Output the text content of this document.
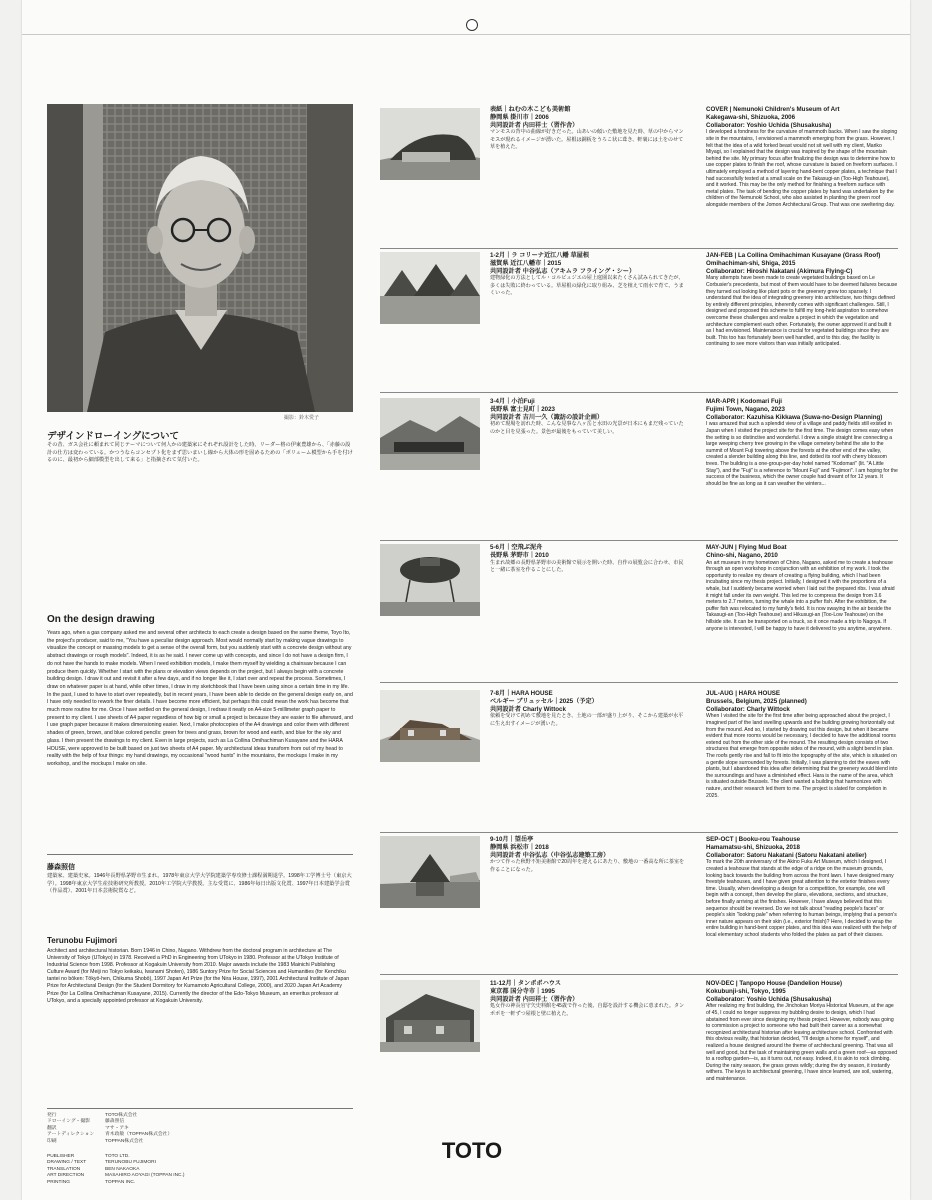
撮影：鈴木愛子
デザインドローイングについて

その昔、ガス会社に頼まれて同じテーマについて何人かの建築家にそれぞれ設計をした時、リーダー格の伊東豊雄から、「赤藤の設計の仕方は変わっている。かつうならコンセプト化をまず思いまいし線から大体の形を固めるための「ボリューム模型から手を付けるのに、最初から細部模型を出して来る」と指摘されて気付いた。

On the design drawing

Years ago, when a gas company asked me and several other architects to each create a design based on the same theme, Toyo Ito, the project's producer, said to me, "You have a peculiar design approach. Most would normally start by making vague drawings to visualize the concept or massing models to get a sense of the overall form, but you suddenly start with a concrete design without any abstract drawings or rough models". Indeed, it is as he said. I never come up with concepts, and since I do not have a design firm, I do not have the hands to make models. When I need exhibition models, I make them myself by wielding a chainsaw because I can produce them quickly. Whether I start with the plans or elevation views depends on the project, but I always begin with a concrete building design. I draw it out and revisit it after a few days, and if no longer like it, I start over and repeat the process. Sometimes, I draw on whatever paper is at hand, while other times, I draw in my sketchbook that I have been using since a certain time in my life. In the past, I used to have to start over repeatedly, but in recent years, I have been able to decide on the general design early on, and I have only needed to rework the finer details. I have become more efficient, but perhaps this could mean the work has become that much more routine for me. Once I have settled on the general design, I redraw it neatly on A4-size 5-millimeter graph paper to present to my client. I use sheets of A4 paper regardless of how big or small a project is because they are easier to file afterward, and I use graph paper because it makes dimensioning easier. Next, I make photocopies of the A4 drawings and color them with different shades of green, brown, and blue colored pencils: green for trees and grass, brown for wood and earth, and blue for the sky and glass. I then present the drawings to my client. Even in large projects, such as La Collina Omihachiman Kusayane and the HARA HOUSE, were approved to be built based on just two sheets of A4 paper. My architectural ideas transform from out of my head to reality with the help of four things: my hand drawings, my occasional "wood hunts" in the mountains, the mockups I make in my workshop, and the mockups I make on site.

藤森照信

建築家、建築史家。1946年長野県茅野市生まれ。1978年東京大学大学院建築学専攻修士課程満期退学。1998年工学博士号（東京大学）。1998年東京大学生産技術研究所教授。2010年工学院大学教授。主な受賞に、1986年毎日出版文化賞、1997年日本建築学会賞（作品賞）、2001年日本芸術院賞など。

Terunobu Fujimori

Architect and architectural historian. Born 1946 in Chino, Nagano. Withdrew from the doctoral program in architecture at The University of Tokyo (UTokyo) in 1978. Received a PhD in Engineering from UTokyo in 1980. Professor at the UTokyo Institute of Industrial Science from 1998. Professor at Kogakuin University from 2010. Major awards include the 1983 Mainichi Publishing Culture Award (for Meiji no Tokyo keikaku, Iwanami Shoten), 1986 Suntory Prize for Social Sciences and Humanities (for Kenchiku tantei no bōken: Tōkyō-hen, Chikuma Shobō), 1997 Japan Art Prize (for the Nira House, 1997), 2001 Architectural Institute of Japan Prize for Architectural Design (for the Student Dormitory for Kumamoto Agricultural College, 2000), and 2020 Japan Art Academy Prize (for La Collina Omihachiman Kusayane, 2015). Currently the director of the Edo-Tokyo Museum, an emeritus professor at UTokyo, and a specially appointed professor at Kogakuin University.

発行	TOTO株式会社
ドローイング・撮影	藤森照信
翻訳	マサ・アキ
アートディレクション 青木政敏（TOPPAN株式会社）
印刷	TOPPAN株式会社
PUBLISHER	TOTO LTD.
DRAWING / TEXT	TERUNOBU FUJIMORI
TRANSLATION	BEN NAKAOKA
ART DIRECTION	MASAHIRO AOYAGI (TOPPAN INC.)
PRINTING	TOPPAN INC.
表紙｜ねむの木こども美術館
静岡県 掛川市｜2006
共同設計者 内田祥士（習作舎）

マンモスの背中の曲線が好きだった。山あいの傾いた敷地を見た時、草の中からマンモスが現れるイメージが湧いた。屋根は銅板をうろこ状に葺き、軒裏には土をのせて草を植えた。

COVER | Nemunoki Children's Museum of Art
Kakegawa-shi, Shizuoka, 2006
Collaborator: Yoshio Uchida (Shusakusha)

I developed a fondness for the curvature of mammoth backs. When I saw the sloping site in the mountains, I envisioned a mammoth emerging from the grass. However, I felt that the idea of a wild forked beast would not sit well with my client, Mariko Miyagi, so I explained that the design was inspired by the shape of the mountain behind the site. My primary focus after finalizing the design was to determine how to use copper plates to finish the roof, whose curvature is based on freeform surfaces. I ultimately employed a method of layering hand-bent copper plates, a technique that I had successfully tested at a small scale on the Takasugi-an (Too-High Teahouse), and it worked. This may be the only method for finishing a freeform surface with metal plates. The task of bending the copper plates by hand was undertaken by the children of the Nemunoki School, who also assisted in planting the green roof alongside members of the Jomon Architectural Group. That was one sweltering day.

1-2月｜ラ コリーナ近江八幡 草屋根
滋賀県 近江八幡市｜2015
共同設計者 中谷弘志（アキムラ フライング・シー）

建物緑化の方法としてル・コルビュジエの屋上庭園以来たくさん試みられてきたが、多くは失敗に終わっている。草屋根の緑化に取り組み、芝を植えて雨水で育て、うまくいった。

JAN-FEB | La Collina Omihachiman Kusayane (Grass Roof)
Omihachiman-shi, Shiga, 2015
Collaborator: Hiroshi Nakatani (Akimura Flying-C)

Many attempts have been made to create vegetated buildings based on Le Corbusier's precedents, but most of them would have to be deemed failures because they turned out looking like plant pots or the greenery grew too sparsely. I understand that the idea of integrating greenery into architecture, two things defined by entirely different principles, inherently comes with significant challenges. Still, I designed and proposed this scheme to fulfill my long-held aspiration to somehow overcome these challenges and realize a project in which the vegetation and architecture complement each other. Fortunately, the owner approved it and built it as I had envisioned. Maintenance is crucial for vegetated buildings since they are built. This too has fortunately been well handled, and to this day, the facility is continuing to see more visitors than was initially anticipated.

3-4月｜小泊Fuji
長野県 富士見町｜2023
共同設計者 吉川一久（諏訪の設計企画）

初めて現場を訪れた時、こんな見事な八ヶ岳と水田の光景が日本にもまだ残っていたのかと目を見張った。景色が最後をもっていて美しい。

MAR-APR | Kodomari Fuji
Fujimi Town, Nagano, 2023
Collaborator: Kazuhisa Kikkawa (Suwa-no-Design Planning)

I was amazed that such a splendid view of a village and paddy fields still existed in Japan when I visited the project site for the first time. The design comes easy when the setting is so distinctive and wonderful. I drew a single straight line connecting a large weeping cherry tree growing in the village cemetery behind the site to the summit of Mount Fuji towering above the forests at the other end of the valley, created a slender building along this line, and dotted its roof with cherry blossom trees. The building is a one-group-per-day hotel named "Kodomari" (lit. "A Little Stay"), and the "Fuji" is a reference to "Mount Fuji" and "Fujimori". I am hoping for the success of the business, which the owner couple had dreamt of for 12 years. It should be fine as long as it can weather the winters...

5-6月｜空飛ぶ泥舟
長野県 茅野市｜2010

生まれ故郷の長野県茅野市の美術館で展示を開いた時、自作の展覧会に合わせ、市民と一緒に茶室を作ることにした。

MAY-JUN | Flying Mud Boat
Chino-shi, Nagano, 2010

An art museum in my hometown of Chino, Nagano, asked me to create a teahouse through an open workshop in conjunction with an exhibition of my work. I took the opportunity to realize my dream of creating a flying building, which I had been incubating since my thesis project. Initially, I designed it with the proportions of a whale, but I suddenly became worried when I laid out the prepared ribs. I was afraid it might fall under its own weight. This led me to compress the design from 3.6 meters to 2.7 meters, turning the whale into a puffer fish. After the exhibition, the puffer fish was relocated to my family's field. It is now swaying in the air beside the Takasugi-an (Too-High Teahouse) and Hikusugi-an (Too-Low Teahouse) on the hillside site. It can be transported on a truck, so it once made a trip to Nagoya. If anyone is interested, I will be happy to have it delivered to you anytime, anywhere.

7-8月｜HARA HOUSE
ベルギー ブリュッセル｜2025（予定）
共同設計者 Charly Wittock

依頼を受けて初めて敷地を見たとき、土地の一部が盛り上がり、そこから建築が水平に生え出すイメージが湧いた。

JUL-AUG | HARA HOUSE
Brussels, Belgium, 2025 (planned)
Collaborator: Charly Wittock

When I visited the site for the first time after being approached about the project, I imagined part of the land swelling upwards and the building growing horizontally out from the mound. And so, I started by drawing out this design, but when it became evident that more rooms would be necessary, I decided to have the additional rooms extend out from the other side of the mound. The resulting design consists of two structures that emerge from opposite sides of the mound, with a slight bend in plan. The roofs gently rise and fall to fit into the topography of the site, which is situated on a gentle slope surrounded by forests. Initially, I was planning to dot the eaves with plants, but I abandoned this idea after determining that the greenery would blend into the surroundings and have a diminished effect. Hara is the name of the area, which is situated outside Brussels. The client wanted a building that harmonizes with nature, and their research led them to me. The project is slated for completion in 2025.

9-10月｜望岳亭
静岡県 浜松市｜2018
共同設計者 中谷弘志（中谷弘志建築工房）

かつて作った秋野不矩美術館で20周年を迎えるにあたり、敷地の一番高な所に茶室を作ることになった。

SEP-OCT | Booku-rou Teahouse
Hamamatsu-shi, Shizuoka, 2018
Collaborator: Satoru Nakatani (Satoru Nakatani atelier)

To mark the 20th anniversary of the Akino Fuku Art Museum, which I designed, I created a teahouse that stands at the edge of a ridge on the museum grounds, looking back towards the building from across the front lawn. I have designed many freestyle teahouses, and I have given great attention to the exterior finishes every time. Usually, when developing a design for a competition, for example, one will begin with a concept, then develop the plans, elevations, sections, and structure, before finally arriving at the finishes. However, I have always believed that this sequence should be reversed. Do we not talk about "reading people's faces" or people's skin "looking pale" when referring to human beings, implying that a person's inner nature appears on their skin (i.e., exterior finish)? Here, I decided to wrap the entire building in hand-bent copper plates, and this idea was realized with the help of local elementary school students who folded the plates as part of their classes.

11-12月｜タンポポハウス
東京都 国分寺市｜1995
共同設計者 内田祥士（習作舎）

処女作の神長官守矢史料館を45歳で作った後、自邸を設計する機会に恵まれた。タンポポを一軒ずつ屋根と壁に植えた。

NOV-DEC | Tanpopo House (Dandelion House)
Kokubunji-shi, Tokyo, 1995
Collaborator: Yoshio Uchida (Shusakusha)

After realizing my first building, the Jinchokan Moriya Historical Museum, at the age of 45, I could no longer suppress my bubbling desire to design, which I had abstained from ever since designing my thesis project. However, nobody was going to commission a project to someone who had built their career as a somewhat recognized architectural historian after leaving architecture school. Confronted with this obvious reality, that historian decided, "I'll design a home for myself", and realized a house designed around the theme of architectural greening. That was all well and good, but the task of maintaining green walls and a green roof—as opposed to a rooftop garden—is, as it turns out, not easy. Indeed, it is akin to rock climbing. During the rainy season, the grass grows wildly; during the dry season, it instantly withers. The keys to architectural greening, I have since learned, are soil, watering, and maintenance.

TOTO
